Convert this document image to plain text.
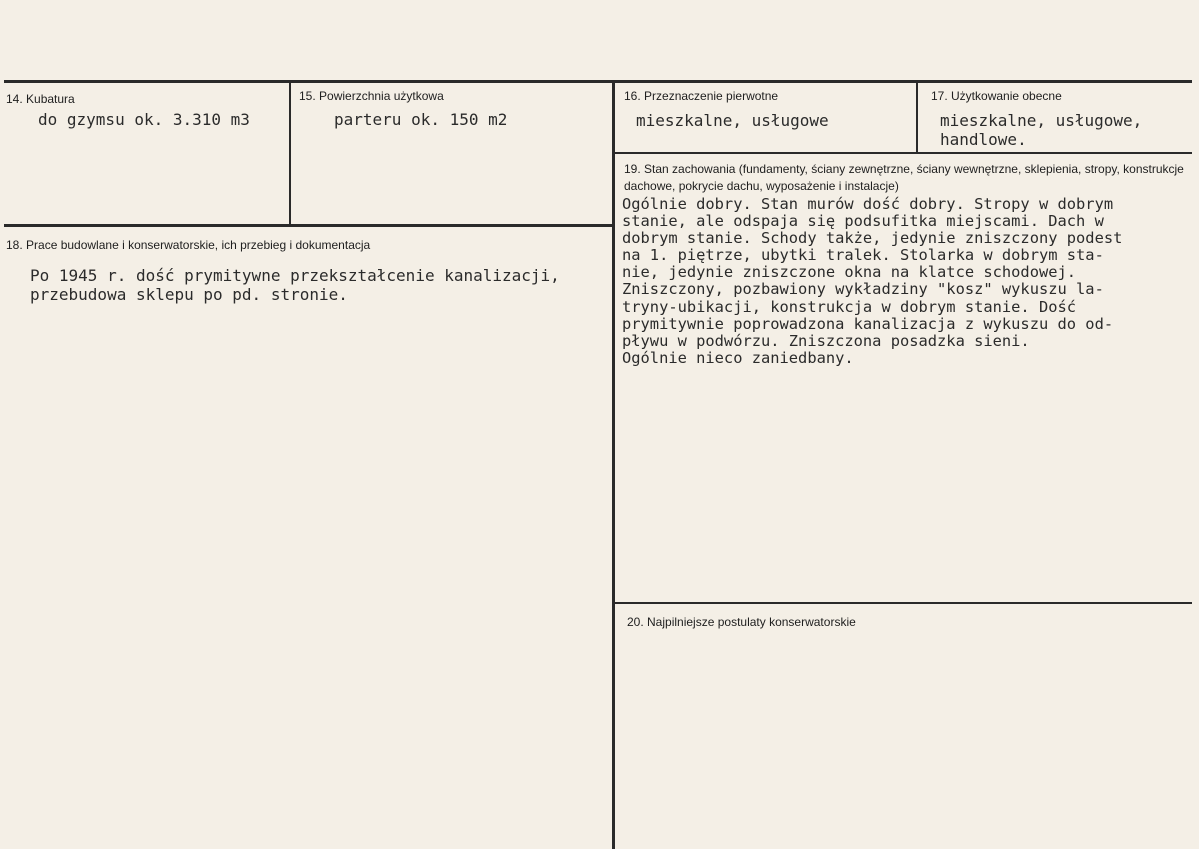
14. Kubatura
do gzymsu ok. 3.310 m3
15. Powierzchnia użytkowa
parteru ok. 150 m2
16. Przeznaczenie pierwotne
mieszkalne, usługowe
17. Użytkowanie obecne
mieszkalne, usługowe,
handlowe.
18. Prace budowlane i konserwatorskie, ich przebieg i dokumentacja
Po 1945 r. dość prymitywne przekształcenie kanalizacji,
przebudowa sklepu po pd. stronie.
19. Stan zachowania (fundamenty, ściany zewnętrzne, ściany wewnętrzne, sklepienia, stropy, konstrukcje dachowe, pokrycie dachu, wyposażenie i instalacje)
Ogólnie dobry. Stan murów dość dobry. Stropy w dobrym
stanie, ale odspaja się podsufitka miejscami. Dach w
dobrym stanie. Schody także, jedynie zniszczony podest
na 1. piętrze, ubytki tralek. Stolarka w dobrym sta-
nie, jedynie zniszczone okna na klatce schodowej.
Zniszczony, pozbawiony wykładziny "kosz" wykuszu la-
tryny-ubikacji, konstrukcja w dobrym stanie. Dość
prymitywnie poprowadzona kanalizacja z wykuszu do od-
pływu w podwórzu. Zniszczona posadzka sieni.
Ogólnie nieco zaniedbany.
20. Najpilniejsze postulaty konserwatorskie
